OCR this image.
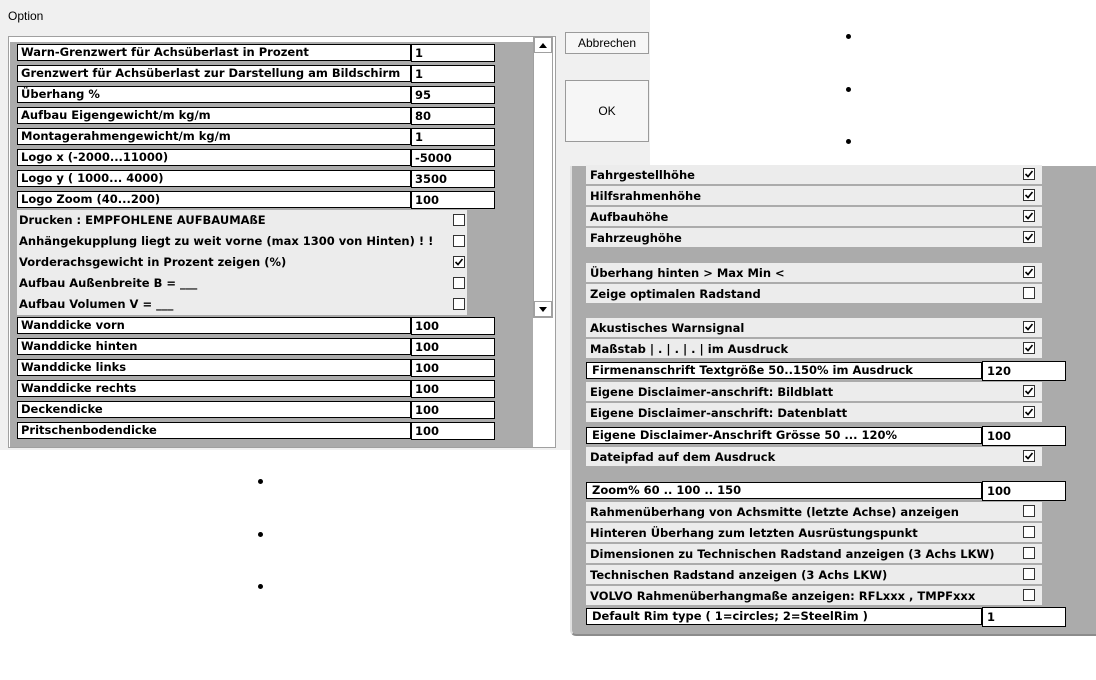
Option
Warn-Grenzwert für Achsüberlast in Prozent	1
Grenzwert für Achsüberlast zur Darstellung am Bildschirm	1
Überhang %	95
Aufbau Eigengewicht/m kg/m	80
Montagerahmengewicht/m kg/m	1
Logo x (-2000...11000)	-5000
Logo y ( 1000... 4000)	3500
Logo Zoom (40...200)	100
Drucken : EMPFOHLENE AUFBAUMAßE
Anhängekupplung liegt zu weit vorne (max 1300 von Hinten) ! !
Vorderachsgewicht in Prozent zeigen (%)
Aufbau Außenbreite B = ___
Aufbau Volumen V = ___
Wanddicke vorn	100
Wanddicke hinten	100
Wanddicke links	100
Wanddicke rechts	100
Deckendicke	100
Pritschenbodendicke	100
Abbrechen
OK
Fahrgestellhöhe
Hilfsrahmenhöhe
Aufbauhöhe
Fahrzeughöhe
Überhang hinten > Max Min <
Zeige optimalen Radstand
Akustisches Warnsignal
Maßstab | . | . | . | im Ausdruck
Firmenanschrift Textgröße 50..150% im Ausdruck	120
Eigene Disclaimer-anschrift: Bildblatt
Eigene Disclaimer-anschrift: Datenblatt
Eigene Disclaimer-Anschrift Grösse 50 ... 120%	100
Dateipfad auf dem Ausdruck
Zoom% 60 .. 100 .. 150	100
Rahmenüberhang von Achsmitte (letzte Achse) anzeigen
Hinteren Überhang zum letzten Ausrüstungspunkt
Dimensionen zu Technischen Radstand anzeigen (3 Achs LKW)
Technischen Radstand anzeigen (3 Achs LKW)
VOLVO Rahmenüberhangmaße anzeigen: RFLxxx , TMPFxxx
Default Rim type ( 1=circles; 2=SteelRim )	1
